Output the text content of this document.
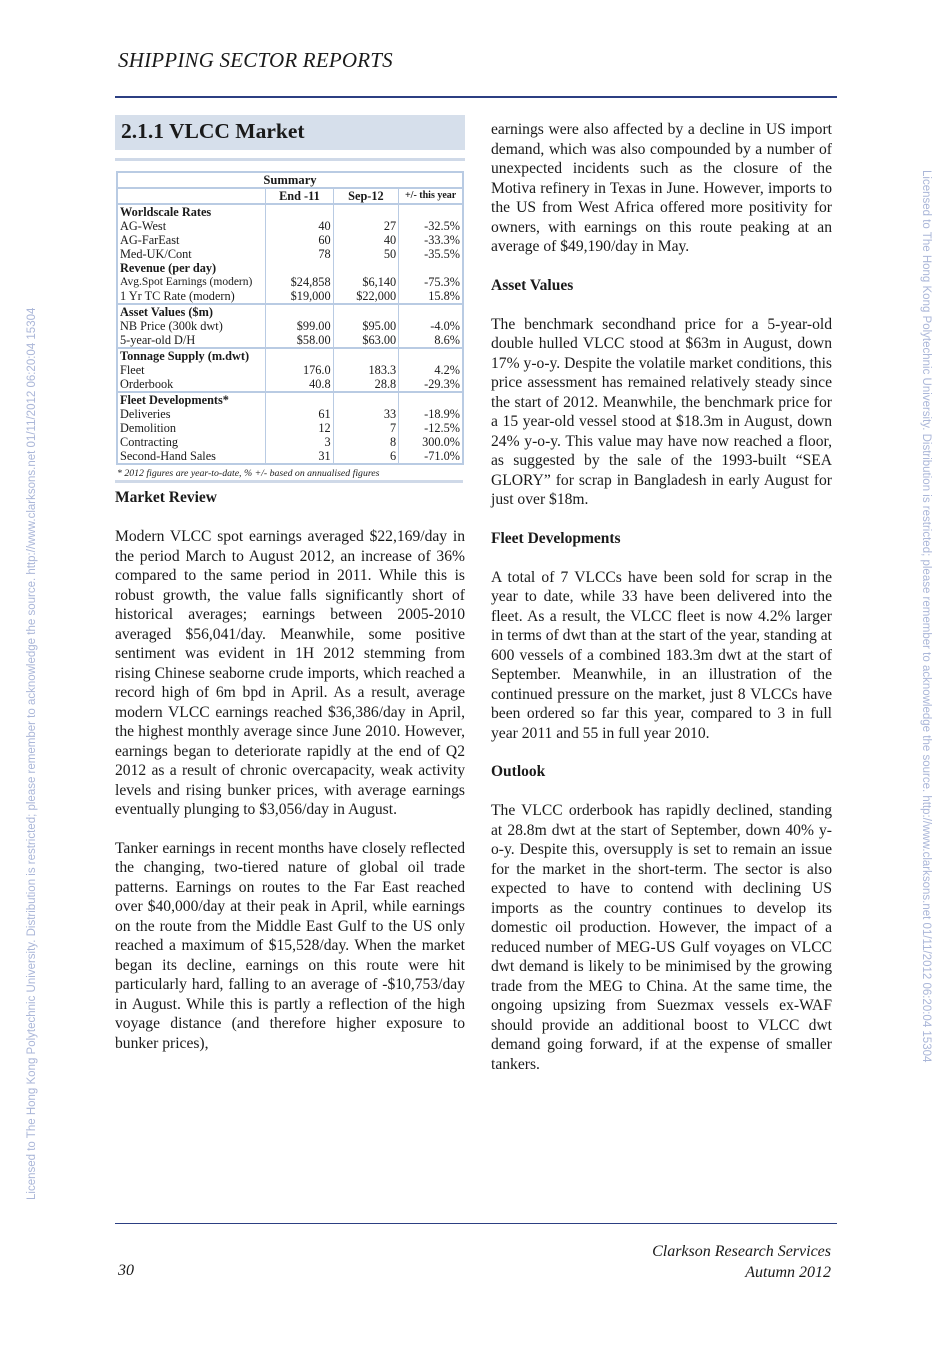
SHIPPING SECTOR REPORTS
Licensed to The Hong Kong Polytechnic University. Distribution is restricted; please remember to acknowledge the source. http://www.clarksons.net 01/11/2012 06:20:04 15304	Licensed to The Hong Kong Polytechnic University. Distribution is restricted; please remember to acknowledge the source. http://www.clarksons.net 01/11/2012 06:20:04 15304
2.1.1 VLCC Market
Summary			
	End -11	Sep-12	+/- this year
Worldscale Rates			
AG-West	40	27	-32.5%
AG-FarEast	60	40	-33.3%
Med-UK/Cont	78	50	-35.5%
Revenue (per day)			
Avg.Spot Earnings (modern)	$24,858	$6,140	-75.3%
1 Yr TC Rate (modern)	$19,000	$22,000	15.8%
Asset Values ($m)			
NB Price (300k dwt)	$99.00	$95.00	-4.0%
5-year-old D/H	$58.00	$63.00	8.6%
Tonnage Supply (m.dwt)			
Fleet	176.0	183.3	4.2%
Orderbook	40.8	28.8	-29.3%
Fleet Developments*			
Deliveries	61	33	-18.9%
Demolition	12	7	-12.5%
Contracting	3	8	300.0%
Second-Hand Sales	31	6	-71.0%
* 2012 figures are year-to-date, % +/- based on annualised figures
Market Review

Modern VLCC spot earnings averaged $22,169/day in the period March to August 2012, an increase of 36% compared to the same period in 2011. While this is robust growth, the value falls significantly short of historical averages; earnings between 2005-2010 averaged $56,041/day. Meanwhile, some positive sentiment was evident in 1H 2012 stemming from rising Chinese seaborne crude imports, which reached a record high of 6m bpd in April. As a result, average modern VLCC earnings reached $36,386/day in April, the highest monthly average since June 2010. However, earnings began to deteriorate rapidly at the end of Q2 2012 as a result of chronic overcapacity, weak activity levels and rising bunker prices, with average earnings eventually plunging to $3,056/day in August.

Tanker earnings in recent months have closely reflected the changing, two-tiered nature of global oil trade patterns. Earnings on routes to the Far East reached over $40,000/day at their peak in April, while earnings on the route from the Middle East Gulf to the US only reached a maximum of $15,528/day. When the market began its decline, earnings on this route were hit particularly hard, falling to an average of -$10,753/day in August. While this is partly a reflection of the high voyage distance (and therefore higher exposure to bunker prices),

earnings were also affected by a decline in US import demand, which was also compounded by a number of unexpected incidents such as the closure of the Motiva refinery in Texas in June. However, imports to the US from West Africa offered more positivity for owners, with earnings on this route peaking at an average of $49,190/day in May.

Asset Values

The benchmark secondhand price for a 5-year-old double hulled VLCC stood at $63m in August, down 17% y-o-y. Despite the volatile market conditions, this price assessment has remained relatively steady since the start of 2012. Meanwhile, the benchmark price for a 15 year-old vessel stood at $18.3m in August, down 24% y-o-y. This value may have now reached a floor, as suggested by the sale of the 1993-built “SEA GLORY” for scrap in Bangladesh in early August for just over $18m.

Fleet Developments

A total of 7 VLCCs have been sold for scrap in the year to date, while 33 have been delivered into the fleet. As a result, the VLCC fleet is now 4.2% larger in terms of dwt than at the start of the year, standing at 600 vessels of a combined 183.3m dwt at the start of September. Meanwhile, in an illustration of the continued pressure on the market, just 8 VLCCs have been ordered so far this year, compared to 3 in full year 2011 and 55 in full year 2010.

Outlook

The VLCC orderbook has rapidly declined, standing at 28.8m dwt at the start of September, down 40% y-o-y. Despite this, oversupply is set to remain an issue for the market in the short-term. The sector is also expected to have to contend with declining US imports as the country continues to develop its domestic oil production. However, the impact of a reduced number of MEG-US Gulf voyages on VLCC dwt demand is likely to be minimised by the growing trade from the MEG to China. At the same time, the ongoing upsizing from Suezmax vessels ex-WAF should provide an additional boost to VLCC dwt demand going forward, if at the expense of smaller tankers.

30
Clarkson Research Services
Autumn 2012
